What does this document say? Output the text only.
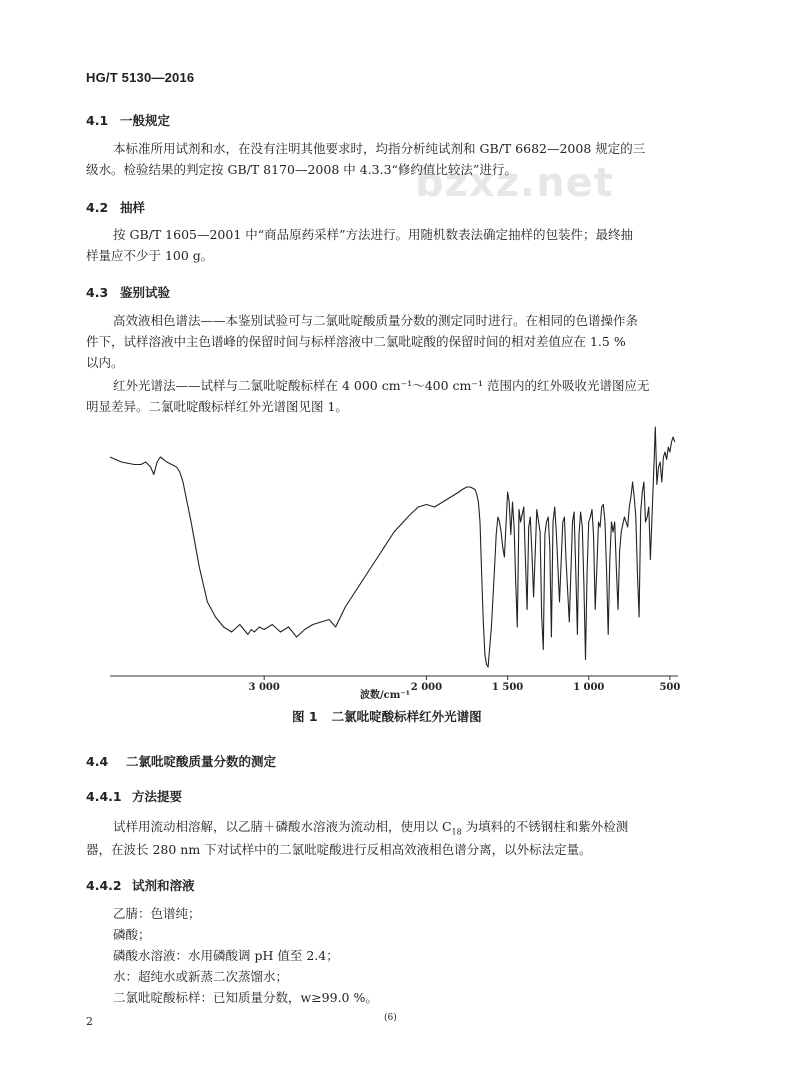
HG/T 5130—2016
bzxz.net
4.1 一般规定
本标准所用试剂和水，在没有注明其他要求时，均指分析纯试剂和 GB/T 6682—2008 规定的三
级水。检验结果的判定按 GB/T 8170—2008 中 4.3.3“修约值比较法”进行。
4.2 抽样
按 GB/T 1605—2001 中“商品原药采样”方法进行。用随机数表法确定抽样的包装件；最终抽
样量应不少于 100 g。
4.3 鉴别试验
高效液相色谱法——本鉴别试验可与二氯吡啶酸质量分数的测定同时进行。在相同的色谱操作条
件下，试样溶液中主色谱峰的保留时间与标样溶液中二氯吡啶酸的保留时间的相对差值应在 1.5 %
以内。
红外光谱法——试样与二氯吡啶酸标样在 4 000 cm⁻¹～400 cm⁻¹ 范围内的红外吸收光谱图应无
明显差异。二氯吡啶酸标样红外光谱图见图 1。
3 000	2 000	1 500	1 000	500
波数/cm⁻¹
图 1 二氯吡啶酸标样红外光谱图
4.4 二氯吡啶酸质量分数的测定
4.4.1 方法提要
试样用流动相溶解，以乙腈＋磷酸水溶液为流动相，使用以 $C_{18}$ 为填料的不锈钢柱和紫外检测
器，在波长 280 nm 下对试样中的二氯吡啶酸进行反相高效液相色谱分离，以外标法定量。
4.4.2 试剂和溶液
乙腈：色谱纯；
磷酸；
磷酸水溶液：水用磷酸调 pH 值至 2.4；
水：超纯水或新蒸二次蒸馏水；
二氯吡啶酸标样：已知质量分数，w≥99.0 %。
2	(6)
